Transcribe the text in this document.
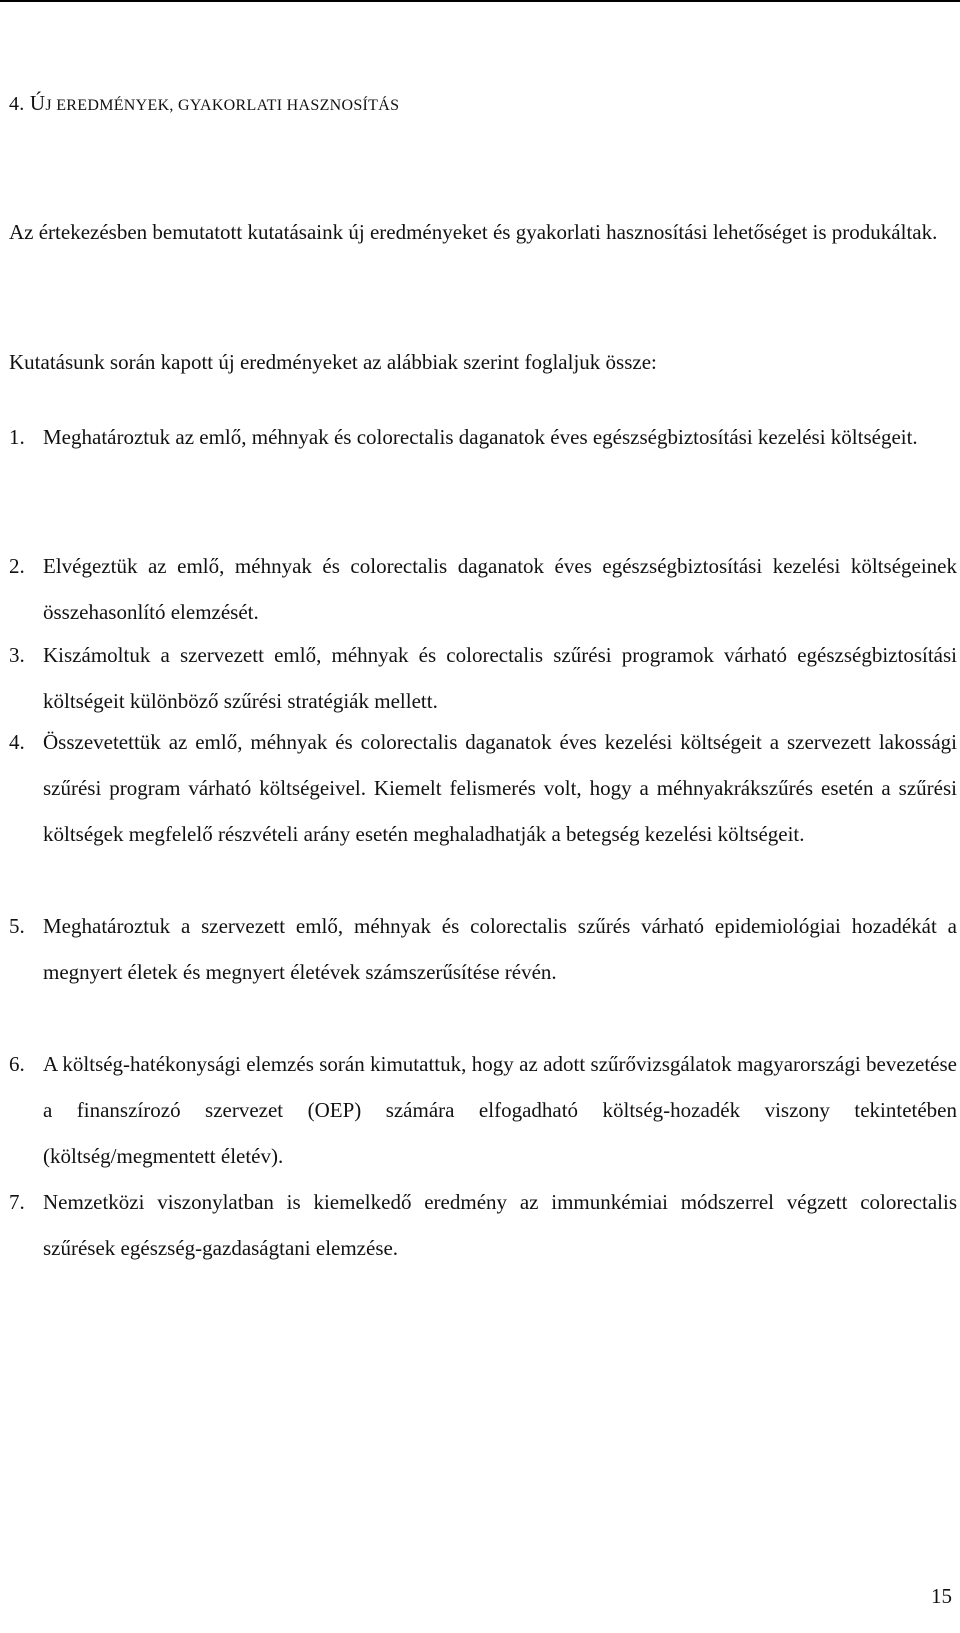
4. ÚJ EREDMÉNYEK, GYAKORLATI HASZNOSÍTÁS
Az értekezésben bemutatott kutatásaink új eredményeket és gyakorlati hasznosítási lehetőséget is produkáltak.
Kutatásunk során kapott új eredményeket az alábbiak szerint foglaljuk össze:
1. Meghatároztuk az emlő, méhnyak és colorectalis daganatok éves egészségbiztosítási kezelési költségeit.
2. Elvégeztük az emlő, méhnyak és colorectalis daganatok éves egészségbiztosítási kezelési költségeinek összehasonlító elemzését.
3. Kiszámoltuk a szervezett emlő, méhnyak és colorectalis szűrési programok várható egészségbiztosítási költségeit különböző szűrési stratégiák mellett.
4. Összevetettük az emlő, méhnyak és colorectalis daganatok éves kezelési költségeit a szervezett lakossági szűrési program várható költségeivel. Kiemelt felismerés volt, hogy a méhnyakrákszűrés esetén a szűrési költségek megfelelő részvételi arány esetén meghaladhatják a betegség kezelési költségeit.
5. Meghatároztuk a szervezett emlő, méhnyak és colorectalis szűrés várható epidemiológiai hozadékát a megnyert életek és megnyert életévek számszerűsítése révén.
6. A költség-hatékonysági elemzés során kimutattuk, hogy az adott szűrővizsgálatok magyarországi bevezetése a finanszírozó szervezet (OEP) számára elfogadható költség-hozadék viszony tekintetében (költség/megmentett életév).
7. Nemzetközi viszonylatban is kiemelkedő eredmény az immunkémiai módszerrel végzett colorectalis szűrések egészség-gazdaságtani elemzése.
15
